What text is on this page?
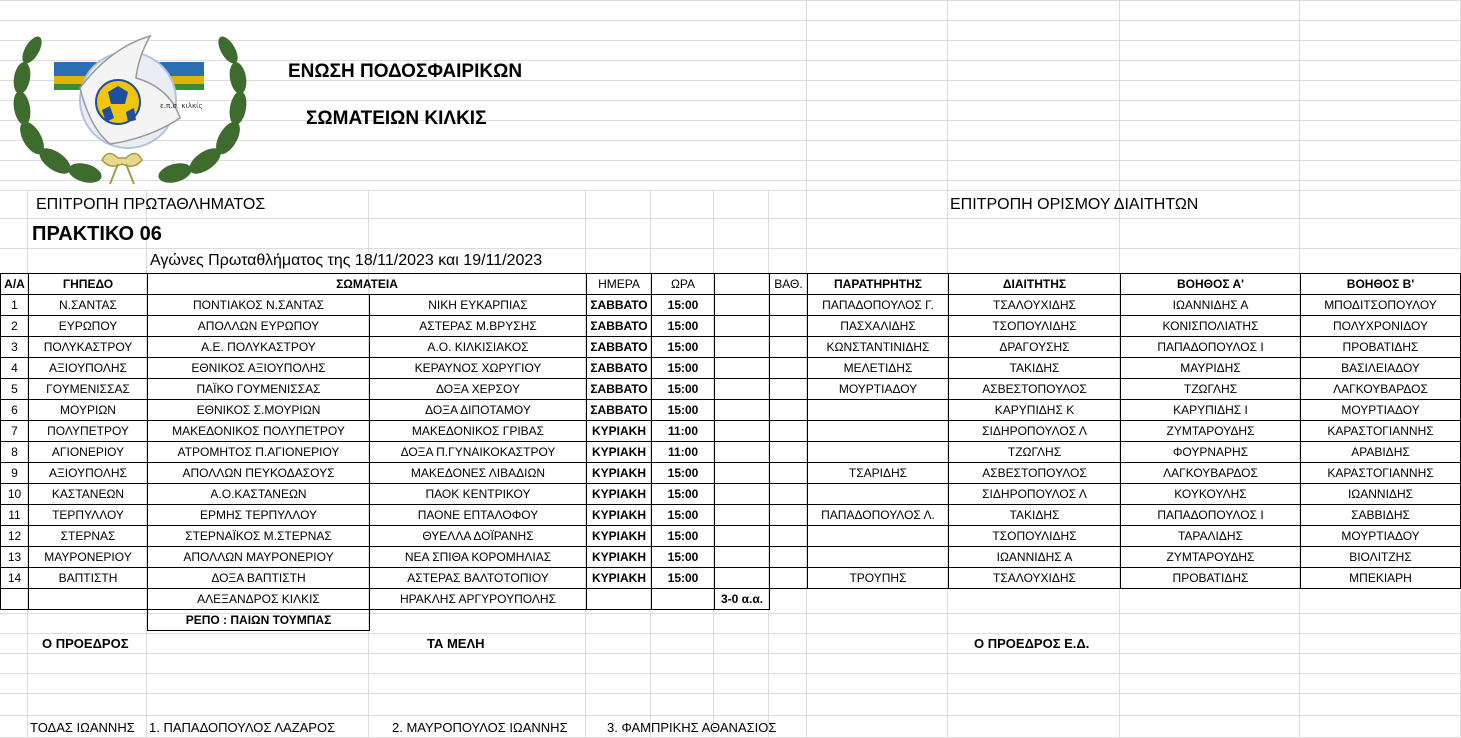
ε.π.σ. κιλκίς
ΕΝΩΣΗ ΠΟΔΟΣΦΑΙΡΙΚΩΝ
ΣΩΜΑΤΕΙΩΝ ΚΙΛΚΙΣ
ΕΠΙΤΡΟΠΗ ΠΡΩΤΑΘΛΗΜΑΤΟΣ	ΕΠΙΤΡΟΠΗ ΟΡΙΣΜΟΥ ΔΙΑΙΤΗΤΩΝ
ΠΡΑΚΤΙΚΟ 06
Αγώνες Πρωταθλήματος της 18/11/2023 και 19/11/2023
Α/Α	ΓΗΠΕΔΟ	ΣΩΜΑΤΕΙΑ		ΗΜΕΡΑ	ΩΡΑ		ΒΑΘ.	ΠΑΡΑΤΗΡΗΤΗΣ	ΔΙΑΙΤΗΤΗΣ	ΒΟΗΘΟΣ Α'	ΒΟΗΘΟΣ Β'
1	Ν.ΣΑΝΤΑΣ	ΠΟΝΤΙΑΚΟΣ Ν.ΣΑΝΤΑΣ	ΝΙΚΗ ΕΥΚΑΡΠΙΑΣ	ΣΑΒΒΑΤΟ	15:00			ΠΑΠΑΔΟΠΟΥΛΟΣ Γ.	ΤΣΑΛΟΥΧΙΔΗΣ	ΙΩΑΝΝΙΔΗΣ Α	ΜΠΟΔΙΤΣΟΠΟΥΛΟΥ
2	ΕΥΡΩΠΟΥ	ΑΠΟΛΛΩΝ ΕΥΡΩΠΟΥ	ΑΣΤΕΡΑΣ Μ.ΒΡΥΣΗΣ	ΣΑΒΒΑΤΟ	15:00			ΠΑΣΧΑΛΙΔΗΣ	ΤΣΟΠΟΥΛΙΔΗΣ	ΚΟΝΙΣΠΟΛΙΑΤΗΣ	ΠΟΛΥΧΡΟΝΙΔΟΥ
3	ΠΟΛΥΚΑΣΤΡΟΥ	Α.Ε. ΠΟΛΥΚΑΣΤΡΟΥ	Α.Ο. ΚΙΛΚΙΣΙΑΚΟΣ	ΣΑΒΒΑΤΟ	15:00			ΚΩΝΣΤΑΝΤΙΝΙΔΗΣ	ΔΡΑΓΟΥΣΗΣ	ΠΑΠΑΔΟΠΟΥΛΟΣ Ι	ΠΡΟΒΑΤΙΔΗΣ
4	ΑΞΙΟΥΠΟΛΗΣ	ΕΘΝΙΚΟΣ ΑΞΙΟΥΠΟΛΗΣ	ΚΕΡΑΥΝΟΣ ΧΩΡΥΓΙΟΥ	ΣΑΒΒΑΤΟ	15:00			ΜΕΛΕΤΙΔΗΣ	ΤΑΚΙΔΗΣ	ΜΑΥΡΙΔΗΣ	ΒΑΣΙΛΕΙΑΔΟΥ
5	ΓΟΥΜΕΝΙΣΣΑΣ	ΠΑΪΚΟ ΓΟΥΜΕΝΙΣΣΑΣ	ΔΟΞΑ ΧΕΡΣΟΥ	ΣΑΒΒΑΤΟ	15:00			ΜΟΥΡΤΙΑΔΟΥ	ΑΣΒΕΣΤΟΠΟΥΛΟΣ	ΤΖΩΓΛΗΣ	ΛΑΓΚΟΥΒΑΡΔΟΣ
6	ΜΟΥΡΙΩΝ	ΕΘΝΙΚΟΣ Σ.ΜΟΥΡΙΩΝ	ΔΟΞΑ ΔΙΠΟΤΑΜΟΥ	ΣΑΒΒΑΤΟ	15:00				ΚΑΡΥΠΙΔΗΣ Κ	ΚΑΡΥΠΙΔΗΣ Ι	ΜΟΥΡΤΙΑΔΟΥ
7	ΠΟΛΥΠΕΤΡΟΥ	ΜΑΚΕΔΟΝΙΚΟΣ ΠΟΛΥΠΕΤΡΟΥ	ΜΑΚΕΔΟΝΙΚΟΣ ΓΡΙΒΑΣ	ΚΥΡΙΑΚΗ	11:00				ΣΙΔΗΡΟΠΟΥΛΟΣ Λ	ΖΥΜΤΑΡΟΥΔΗΣ	ΚΑΡΑΣΤΟΓΙΑΝΝΗΣ
8	ΑΓΙΟΝΕΡΙΟΥ	ΑΤΡΟΜΗΤΟΣ Π.ΑΓΙΟΝΕΡΙΟΥ	ΔΟΞΑ Π.ΓΥΝΑΙΚΟΚΑΣΤΡΟΥ	ΚΥΡΙΑΚΗ	11:00				ΤΖΩΓΛΗΣ	ΦΟΥΡΝΑΡΗΣ	ΑΡΑΒΙΔΗΣ
9	ΑΞΙΟΥΠΟΛΗΣ	ΑΠΟΛΛΩΝ ΠΕΥΚΟΔΑΣΟΥΣ	ΜΑΚΕΔΟΝΕΣ ΛΙΒΑΔΙΩΝ	ΚΥΡΙΑΚΗ	15:00			ΤΣΑΡΙΔΗΣ	ΑΣΒΕΣΤΟΠΟΥΛΟΣ	ΛΑΓΚΟΥΒΑΡΔΟΣ	ΚΑΡΑΣΤΟΓΙΑΝΝΗΣ
10	ΚΑΣΤΑΝΕΩΝ	Α.Ο.ΚΑΣΤΑΝΕΩΝ	ΠΑΟΚ ΚΕΝΤΡΙΚΟΥ	ΚΥΡΙΑΚΗ	15:00				ΣΙΔΗΡΟΠΟΥΛΟΣ Λ	ΚΟΥΚΟΥΛΗΣ	ΙΩΑΝΝΙΔΗΣ
11	ΤΕΡΠΥΛΛΟΥ	ΕΡΜΗΣ ΤΕΡΠΥΛΛΟΥ	ΠΑΟΝΕ ΕΠΤΑΛΟΦΟΥ	ΚΥΡΙΑΚΗ	15:00			ΠΑΠΑΔΟΠΟΥΛΟΣ Λ.	ΤΑΚΙΔΗΣ	ΠΑΠΑΔΟΠΟΥΛΟΣ Ι	ΣΑΒΒΙΔΗΣ
12	ΣΤΕΡΝΑΣ	ΣΤΕΡΝΑΪΚΟΣ Μ.ΣΤΕΡΝΑΣ	ΘΥΕΛΛΑ ΔΟΪΡΑΝΗΣ	ΚΥΡΙΑΚΗ	15:00				ΤΣΟΠΟΥΛΙΔΗΣ	ΤΑΡΑΛΙΔΗΣ	ΜΟΥΡΤΙΑΔΟΥ
13	ΜΑΥΡΟΝΕΡΙΟΥ	ΑΠΟΛΛΩΝ ΜΑΥΡΟΝΕΡΙΟΥ	ΝΕΑ ΣΠΙΘΑ ΚΟΡΟΜΗΛΙΑΣ	ΚΥΡΙΑΚΗ	15:00				ΙΩΑΝΝΙΔΗΣ Α	ΖΥΜΤΑΡΟΥΔΗΣ	ΒΙΟΛΙΤΖΗΣ
14	ΒΑΠΤΙΣΤΗ	ΔΟΞΑ ΒΑΠΤΙΣΤΗ	ΑΣΤΕΡΑΣ ΒΑΛΤΟΤΟΠΙΟΥ	ΚΥΡΙΑΚΗ	15:00			ΤΡΟΥΠΗΣ	ΤΣΑΛΟΥΧΙΔΗΣ	ΠΡΟΒΑΤΙΔΗΣ	ΜΠΕΚΙΑΡΗ
		ΑΛΕΞΑΝΔΡΟΣ ΚΙΛΚΙΣ	ΗΡΑΚΛΗΣ ΑΡΓΥΡΟΥΠΟΛΗΣ			3-0 α.α.					
		ΡΕΠΟ : ΠΑΙΩΝ ΤΟΥΜΠΑΣ									
Ο ΠΡΟΕΔΡΟΣ	ΤΑ ΜΕΛΗ	Ο ΠΡΟΕΔΡΟΣ Ε.Δ.
ΤΟΔΑΣ ΙΩΑΝΝΗΣ 1. ΠΑΠΑΔΟΠΟΥΛΟΣ ΛΑΖΑΡΟΣ	2. ΜΑΥΡΟΠΟΥΛΟΣ ΙΩΑΝΝΗΣ	3. ΦΑΜΠΡΙΚΗΣ ΑΘΑΝΑΣΙΟΣ
